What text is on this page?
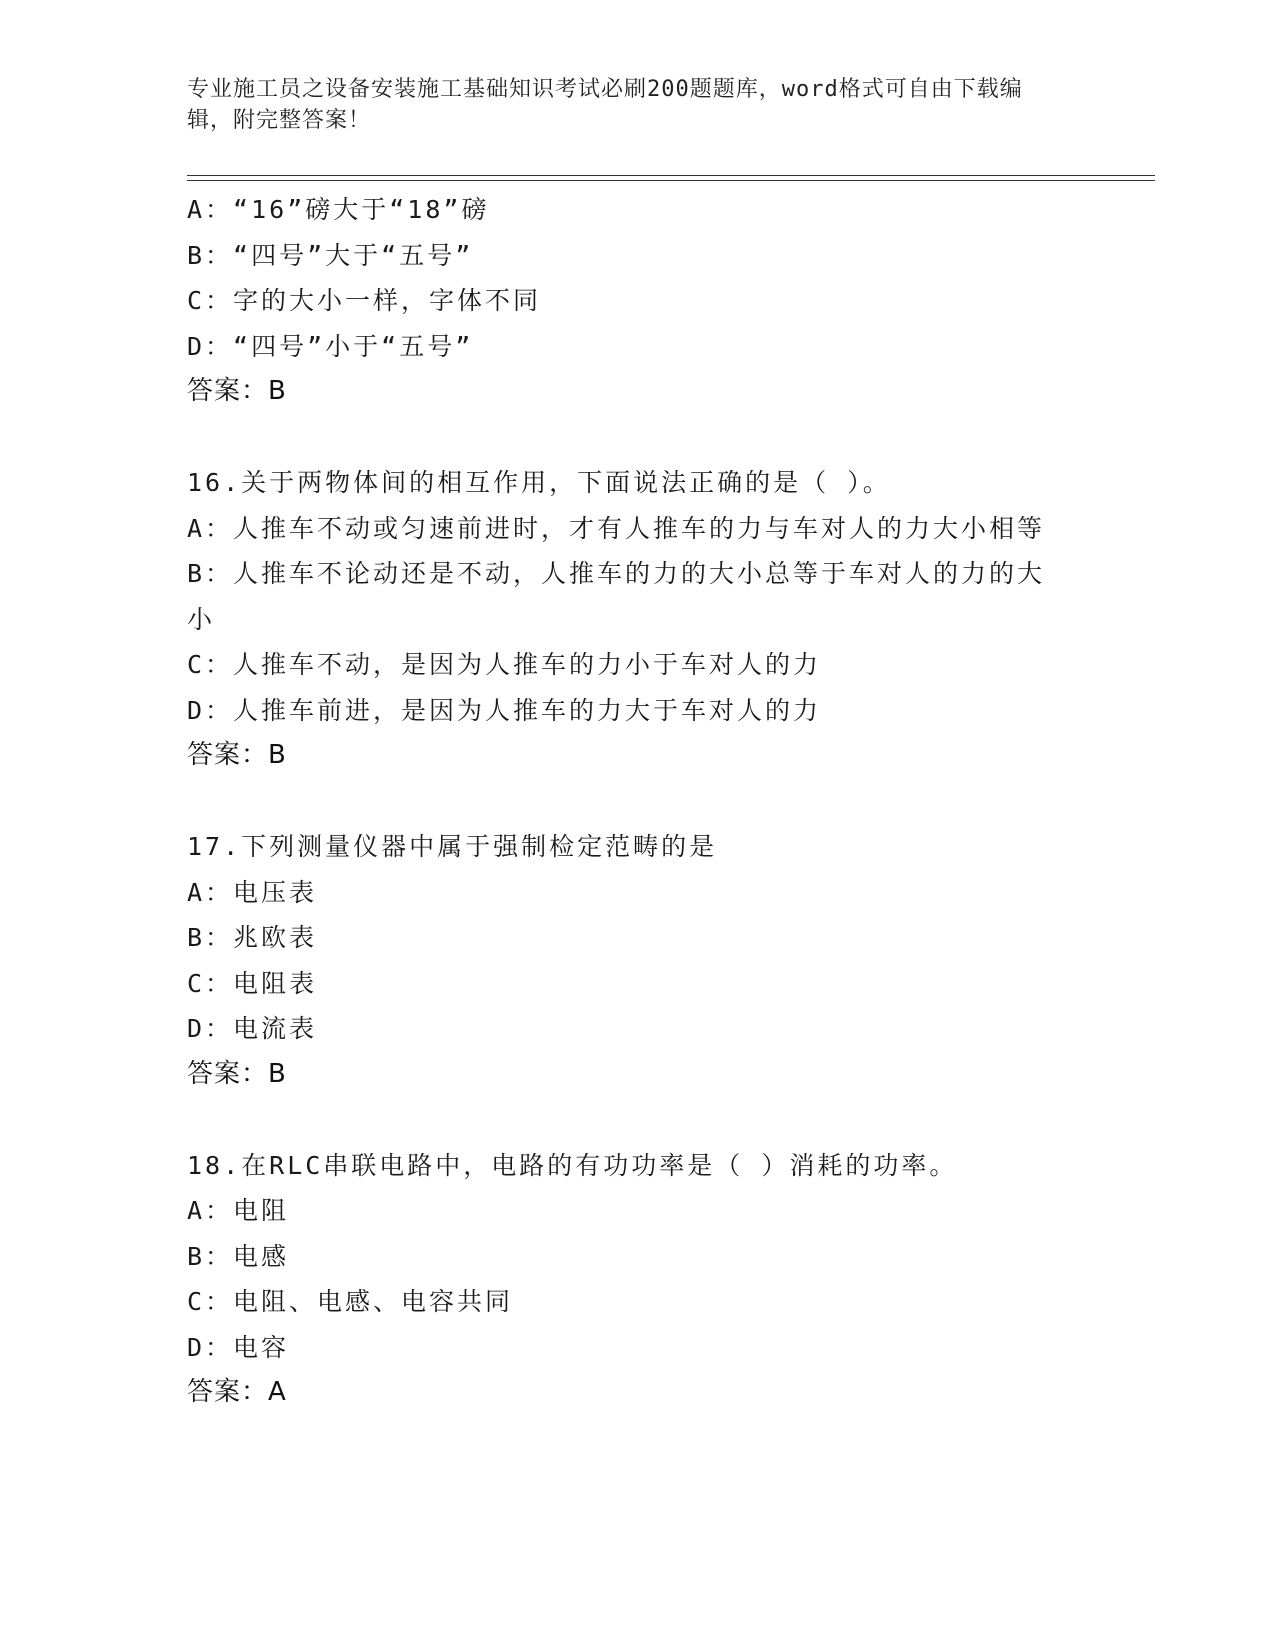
专业施工员之设备安装施工基础知识考试必刷200题题库，word格式可自由下载编辑，附完整答案！
A：“16”磅大于“18”磅
B：“四号”大于“五号”
C：字的大小一样，字体不同
D：“四号”小于“五号”
答案：B
16.关于两物体间的相互作用，下面说法正确的是（ ）。
A：人推车不动或匀速前进时，才有人推车的力与车对人的力大小相等
B：人推车不论动还是不动，人推车的力的大小总等于车对人的力的大小
C：人推车不动，是因为人推车的力小于车对人的力
D：人推车前进，是因为人推车的力大于车对人的力
答案：B
17.下列测量仪器中属于强制检定范畴的是
A：电压表
B：兆欧表
C：电阻表
D：电流表
答案：B
18.在RLC串联电路中，电路的有功功率是（ ）消耗的功率。
A：电阻
B：电感
C：电阻、电感、电容共同
D：电容
答案：A
